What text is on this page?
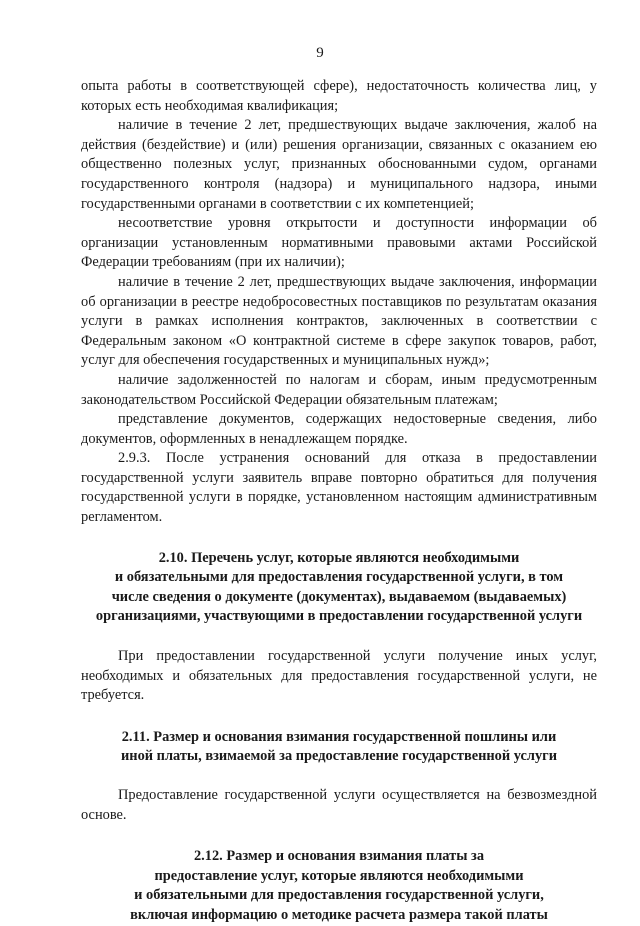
9

опыта работы в соответствующей сфере), недостаточность количества лиц, у которых есть необходимая квалификация;

наличие в течение 2 лет, предшествующих выдаче заключения, жалоб на действия (бездействие) и (или) решения организации, связанных с оказанием ею общественно полезных услуг, признанных обоснованными судом, органами государственного контроля (надзора) и муниципального надзора, иными государственными органами в соответствии с их компетенцией;

несоответствие уровня открытости и доступности информации об организации установленным нормативными правовыми актами Российской Федерации требованиям (при их наличии);

наличие в течение 2 лет, предшествующих выдаче заключения, информации об организации в реестре недобросовестных поставщиков по результатам оказания услуги в рамках исполнения контрактов, заключенных в соответствии с Федеральным законом «О контрактной системе в сфере закупок товаров, работ, услуг для обеспечения государственных и муниципальных нужд»;

наличие задолженностей по налогам и сборам, иным предусмотренным законодательством Российской Федерации обязательным платежам;

представление документов, содержащих недостоверные сведения, либо документов, оформленных в ненадлежащем порядке.

2.9.3. После устранения оснований для отказа в предоставлении государственной услуги заявитель вправе повторно обратиться для получения государственной услуги в порядке, установленном настоящим административным регламентом.

2.10. Перечень услуг, которые являются необходимыми

и обязательными для предоставления государственной услуги, в том

числе сведения о документе (документах), выдаваемом (выдаваемых)

организациями, участвующими в предоставлении государственной услуги

При предоставлении государственной услуги получение иных услуг, необходимых и обязательных для предоставления государственной услуги, не требуется.

2.11. Размер и основания взимания государственной пошлины или

иной платы, взимаемой за предоставление государственной услуги

Предоставление государственной услуги осуществляется на безвозмездной основе.

2.12. Размер и основания взимания платы за

предоставление услуг, которые являются необходимыми

и обязательными для предоставления государственной услуги,

включая информацию о методике расчета размера такой платы
